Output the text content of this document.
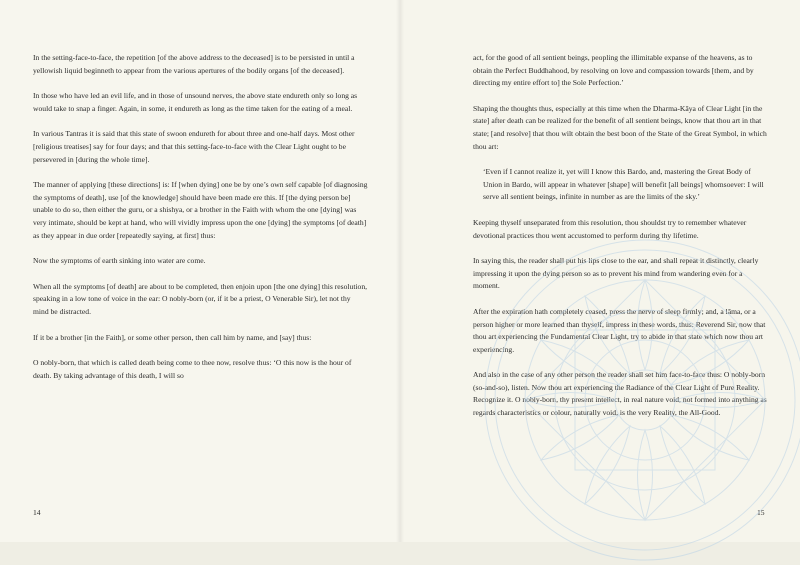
In the setting-face-to-face, the repetition [of the above address to the deceased] is to be persisted in until a yellowish liquid beginneth to appear from the various apertures of the bodily organs [of the deceased].

In those who have led an evil life, and in those of unsound nerves, the above state endureth only so long as would take to snap a finger. Again, in some, it endureth as long as the time taken for the eating of a meal.

In various Tantras it is said that this state of swoon endureth for about three and one-half days. Most other [religious treatises] say for four days; and that this setting-face-to-face with the Clear Light ought to be persevered in [during the whole time].

The manner of applying [these directions] is: If [when dying] one be by one’s own self capable [of diagnosing the symptoms of death], use [of the knowledge] should have been made ere this. If [the dying person be] unable to do so, then either the guru, or a shishya, or a brother in the Faith with whom the one [dying] was very intimate, should be kept at hand, who will vividly impress upon the one [dying] the symptoms [of death] as they appear in due order [repeatedly saying, at first] thus:

Now the symptoms of earth sinking into water are come.

When all the symptoms [of death] are about to be completed, then enjoin upon [the one dying] this resolution, speaking in a low tone of voice in the ear: O nobly-born (or, if it be a priest, O Venerable Sir), let not thy mind be distracted.

If it be a brother [in the Faith], or some other person, then call him by name, and [say] thus:

O nobly-born, that which is called death being come to thee now, resolve thus: ‘O this now is the hour of death. By taking advantage of this death, I will so

14

act, for the good of all sentient beings, peopling the illimitable expanse of the heavens, as to obtain the Perfect Buddhahood, by resolving on love and compassion towards [them, and by directing my entire effort to] the Sole Perfection.’

Shaping the thoughts thus, especially at this time when the Dharma-Kāya of Clear Light [in the state] after death can be realized for the benefit of all sentient beings, know that thou art in that state; [and resolve] that thou wilt obtain the best boon of the State of the Great Symbol, in which thou art:

‘Even if I cannot realize it, yet will I know this Bardo, and, mastering the Great Body of Union in Bardo, will appear in whatever [shape] will benefit [all beings] whomsoever: I will serve all sentient beings, infinite in number as are the limits of the sky.’

Keeping thyself unseparated from this resolution, thou shouldst try to remember whatever devotional practices thou went accustomed to perform during thy lifetime.

In saying this, the reader shall put his lips close to the ear, and shall repeat it distinctly, clearly impressing it upon the dying person so as to prevent his mind from wandering even for a moment.

After the expiration hath completely ceased, press the nerve of sleep firmly; and, a lāma, or a person higher or more learned than thyself, impress in these words, thus: Reverend Sir, now that thou art experiencing the Fundamental Clear Light, try to abide in that state which now thou art experiencing.

And also in the case of any other person the reader shall set him face-to-face thus: O nobly-born (so-and-so), listen. Now thou art experiencing the Radiance of the Clear Light of Pure Reality. Recognize it. O nobly-born, thy present intellect, in real nature void, not formed into anything as regards characteristics or colour, naturally void, is the very Reality, the All-Good.

15
